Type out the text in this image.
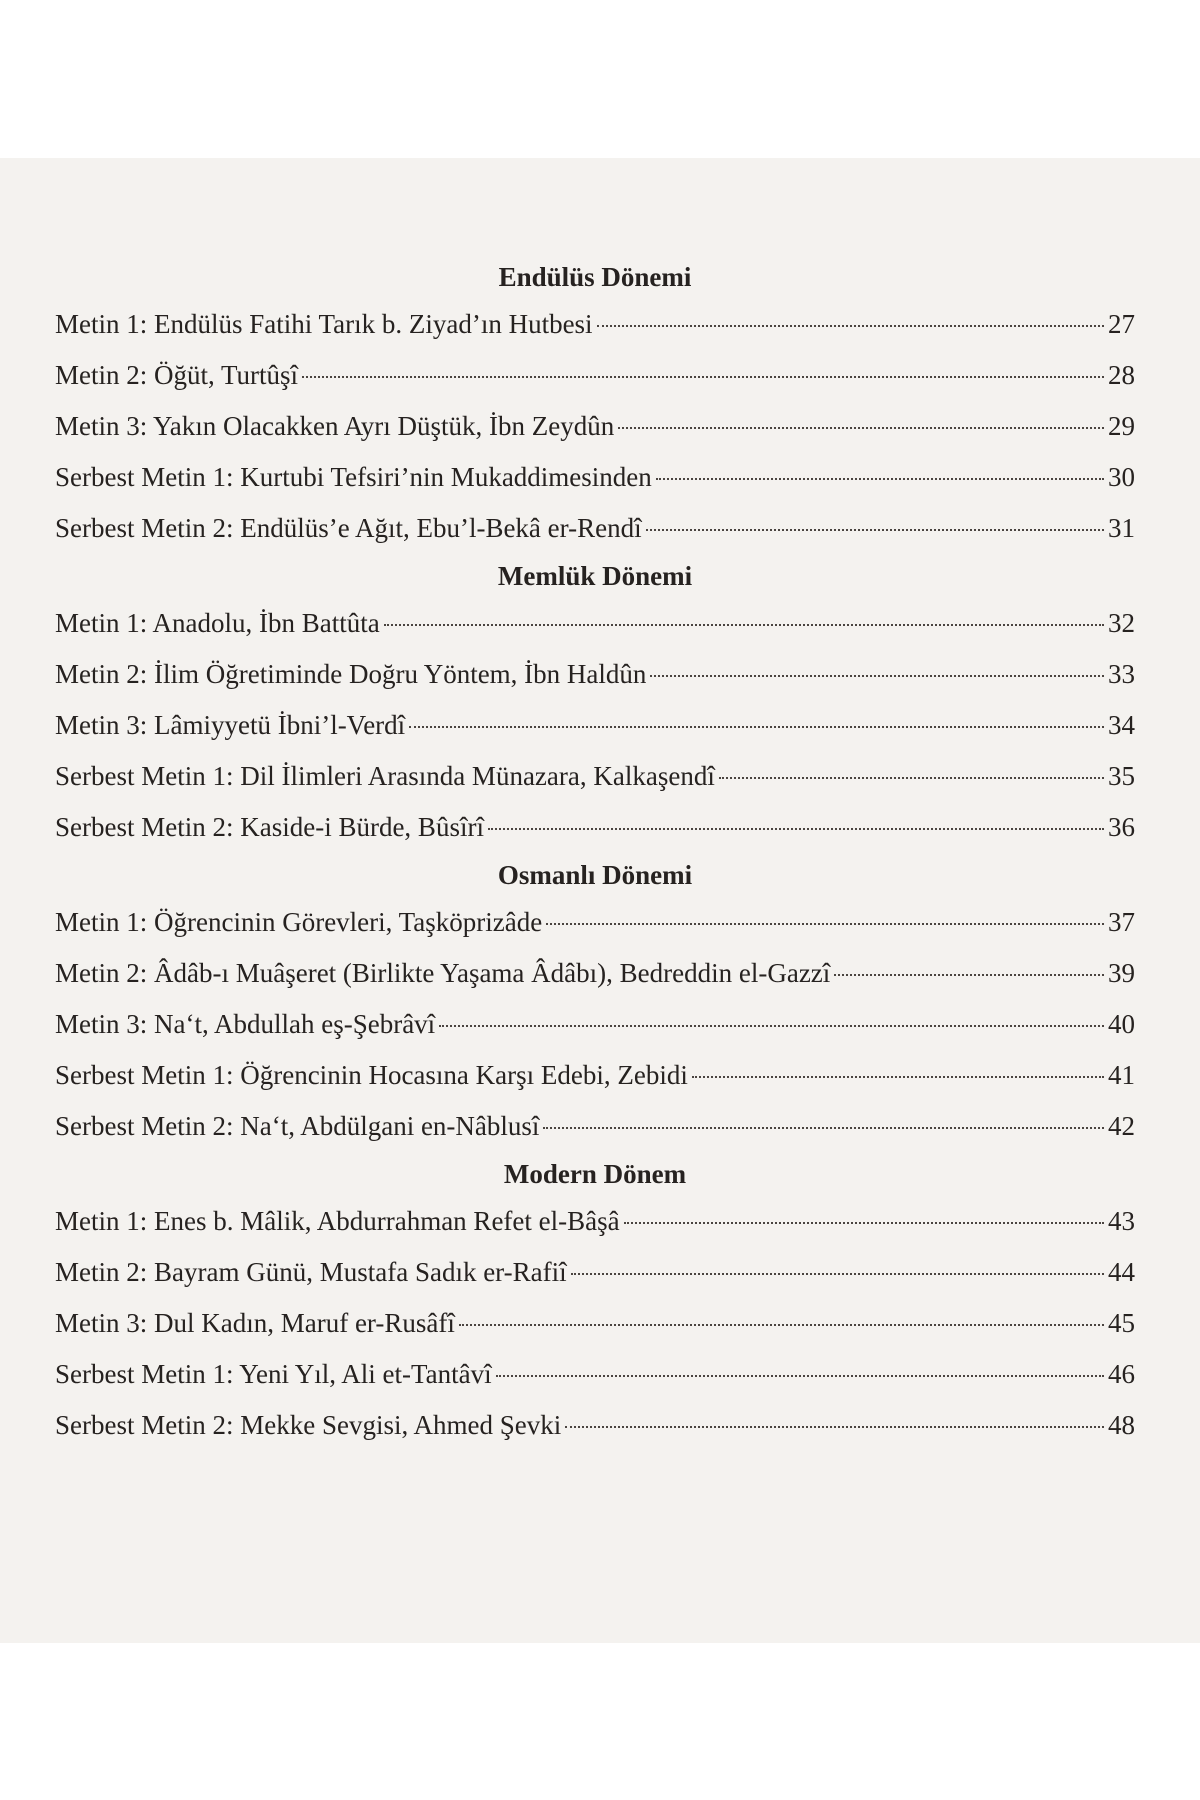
Endülüs Dönemi
Metin 1: Endülüs Fatihi Tarık b. Ziyad’ın Hutbesi	27
Metin 2: Öğüt, Turtûşî	28
Metin 3: Yakın Olacakken Ayrı Düştük, İbn Zeydûn	29
Serbest Metin 1: Kurtubi Tefsiri’nin Mukaddimesinden	30
Serbest Metin 2: Endülüs’e Ağıt, Ebu’l-Bekâ er-Rendî	31
Memlük Dönemi
Metin 1: Anadolu, İbn Battûta	32
Metin 2: İlim Öğretiminde Doğru Yöntem, İbn Haldûn	33
Metin 3: Lâmiyyetü İbni’l-Verdî	34
Serbest Metin 1: Dil İlimleri Arasında Münazara, Kalkaşendî	35
Serbest Metin 2: Kaside-i Bürde, Bûsîrî	36
Osmanlı Dönemi
Metin 1: Öğrencinin Görevleri, Taşköprizâde	37
Metin 2: Âdâb-ı Muâşeret (Birlikte Yaşama Âdâbı), Bedreddin el-Gazzî	39
Metin 3: Na‘t, Abdullah eş-Şebrâvî	40
Serbest Metin 1: Öğrencinin Hocasına Karşı Edebi, Zebidi	41
Serbest Metin 2: Na‘t, Abdülgani en-Nâblusî	42
Modern Dönem
Metin 1: Enes b. Mâlik, Abdurrahman Refet el-Bâşâ	43
Metin 2: Bayram Günü, Mustafa Sadık er-Rafiî	44
Metin 3: Dul Kadın, Maruf er-Rusâfî	45
Serbest Metin 1: Yeni Yıl, Ali et-Tantâvî	46
Serbest Metin 2: Mekke Sevgisi, Ahmed Şevki	48
